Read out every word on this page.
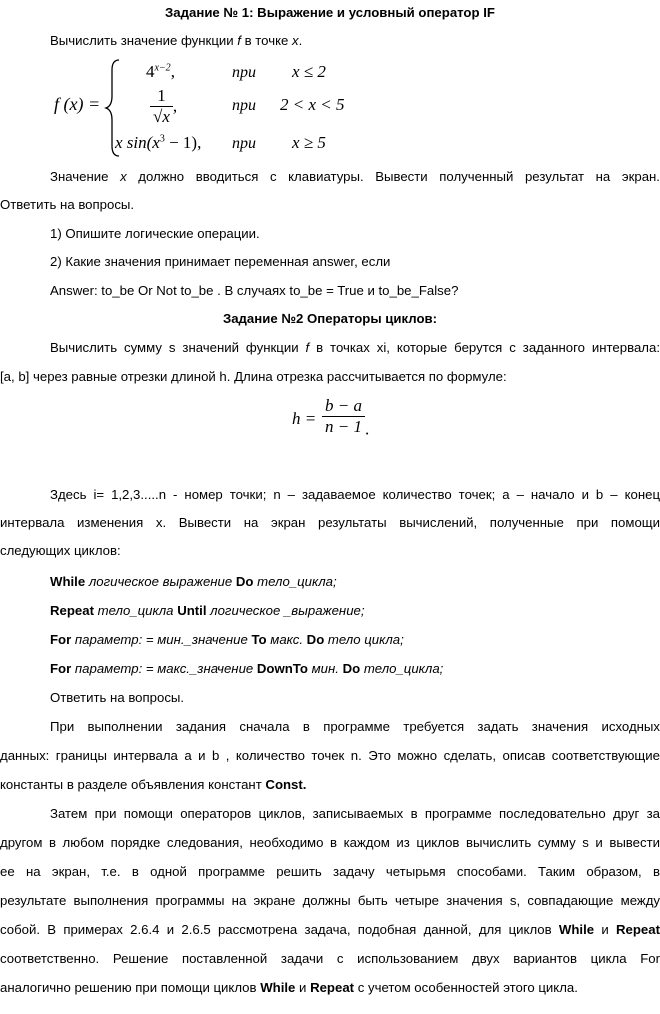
Задание № 1: Выражение и условный оператор IF
Вычислить значение функции f в точке x.
f (x) =
$4^{x-2}$,	при x ≤ 2
$\frac{1}{√x}$ ,	при 2 < x < 5
x $\sin(x^3 - 1)$, при x ≥ 5
Значение x должно вводиться с клавиатуры. Вывести полученный результат на экран.
Ответить на вопросы.
1) Опишите логические операции.
2) Какие значения принимает переменная answer, если
Answer: to_be Or Not to_be . В случаях to_be = True и to_be_False?
Задание №2 Операторы циклов:
Вычислить сумму s значений функции f в точках xi, которые берутся с заданного интервала:
[a, b] через равные отрезки длиной h. Длина отрезка рассчитывается по формуле:
$h = \frac{b - a}{n - 1}$ .
Здесь i= 1,2,3.....n - номер точки; n – задаваемое количество точек; a – начало и b – конец
интервала изменения x. Вывести на экран результаты вычислений, полученные при помощи
следующих циклов:
While логическое выражение Do тело_цикла;
Repeat тело_цикла Until логическое _выражение;
For параметр: = мин._значение To макс. Do тело цикла;
For параметр: = макс._значение DownTo мин. Do тело_цикла;
Ответить на вопросы.
При выполнении задания сначала в программе требуется задать значения исходных
данных: границы интервала a и b , количество точек n. Это можно сделать, описав соответствующие
константы в разделе объявления констант Const.
Затем при помощи операторов циклов, записываемых в программе последовательно друг за
другом в любом порядке следования, необходимо в каждом из циклов вычислить сумму s и вывести
ее на экран, т.е. в одной программе решить задачу четырьмя способами. Таким образом, в
результате выполнения программы на экране должны быть четыре значения s, совпадающие между
собой. В примерах 2.6.4 и 2.6.5 рассмотрена задача, подобная данной, для циклов While и Repeat
соответственно. Решение поставленной задачи с использованием двух вариантов цикла For
аналогично решению при помощи циклов While и Repeat с учетом особенностей этого цикла.
